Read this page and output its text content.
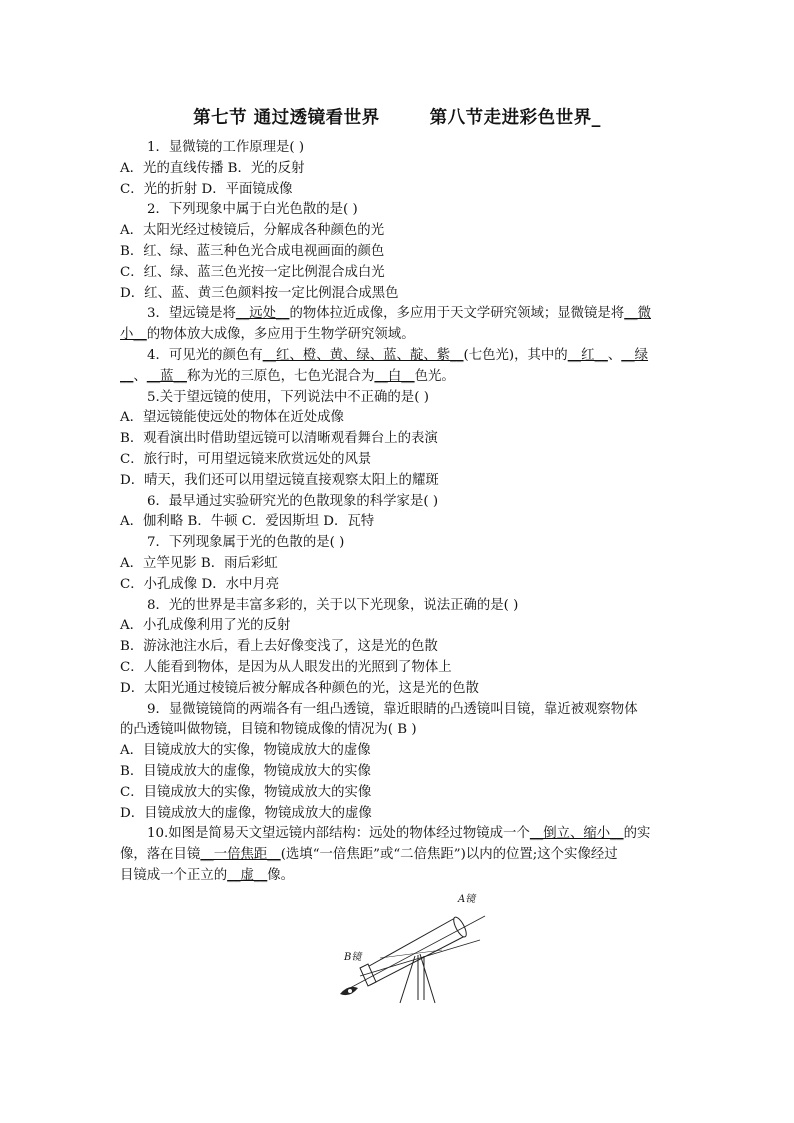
第七节 通过透镜看世界	第八节走进彩色世界_
1．显微镜的工作原理是( )
A．光的直线传播 B．光的反射
C．光的折射 D．平面镜成像
2．下列现象中属于白光色散的是( )
A．太阳光经过棱镜后，分解成各种颜色的光
B．红、绿、蓝三种色光合成电视画面的颜色
C．红、绿、蓝三色光按一定比例混合成白光
D．红、蓝、黄三色颜料按一定比例混合成黑色
3．望远镜是将__远处__的物体拉近成像，多应用于天文学研究领域；显微镜是将__微
小__的物体放大成像，多应用于生物学研究领域。
4．可见光的颜色有__红、橙、黄、绿、蓝、靛、紫__(七色光)，其中的__红__、__绿
__、__蓝__称为光的三原色，七色光混合为__白__色光。
5.关于望远镜的使用，下列说法中不正确的是( )
A．望远镜能使远处的物体在近处成像
B．观看演出时借助望远镜可以清晰观看舞台上的表演
C．旅行时，可用望远镜来欣赏远处的风景
D．晴天，我们还可以用望远镜直接观察太阳上的耀斑
6．最早通过实验研究光的色散现象的科学家是( )
A．伽利略 B．牛顿 C．爱因斯坦 D．瓦特
7．下列现象属于光的色散的是( )
A．立竿见影 B．雨后彩虹
C．小孔成像 D．水中月亮
8．光的世界是丰富多彩的，关于以下光现象，说法正确的是( )
A．小孔成像利用了光的反射
B．游泳池注水后，看上去好像变浅了，这是光的色散
C．人能看到物体，是因为从人眼发出的光照到了物体上
D．太阳光通过棱镜后被分解成各种颜色的光，这是光的色散
9．显微镜镜筒的两端各有一组凸透镜，靠近眼睛的凸透镜叫目镜，靠近被观察物体
的凸透镜叫做物镜，目镜和物镜成像的情况为( B )
A．目镜成放大的实像，物镜成放大的虚像
B．目镜成放大的虚像，物镜成放大的实像
C．目镜成放大的实像，物镜成放大的实像
D．目镜成放大的虚像，物镜成放大的虚像
10.如图是简易天文望远镜内部结构：远处的物体经过物镜成一个__倒立、缩小__的实
像，落在目镜__一倍焦距__(选填“一倍焦距”或“二倍焦距”)以内的位置;这个实像经过
目镜成一个正立的__虚__像。
A镜
B镜
